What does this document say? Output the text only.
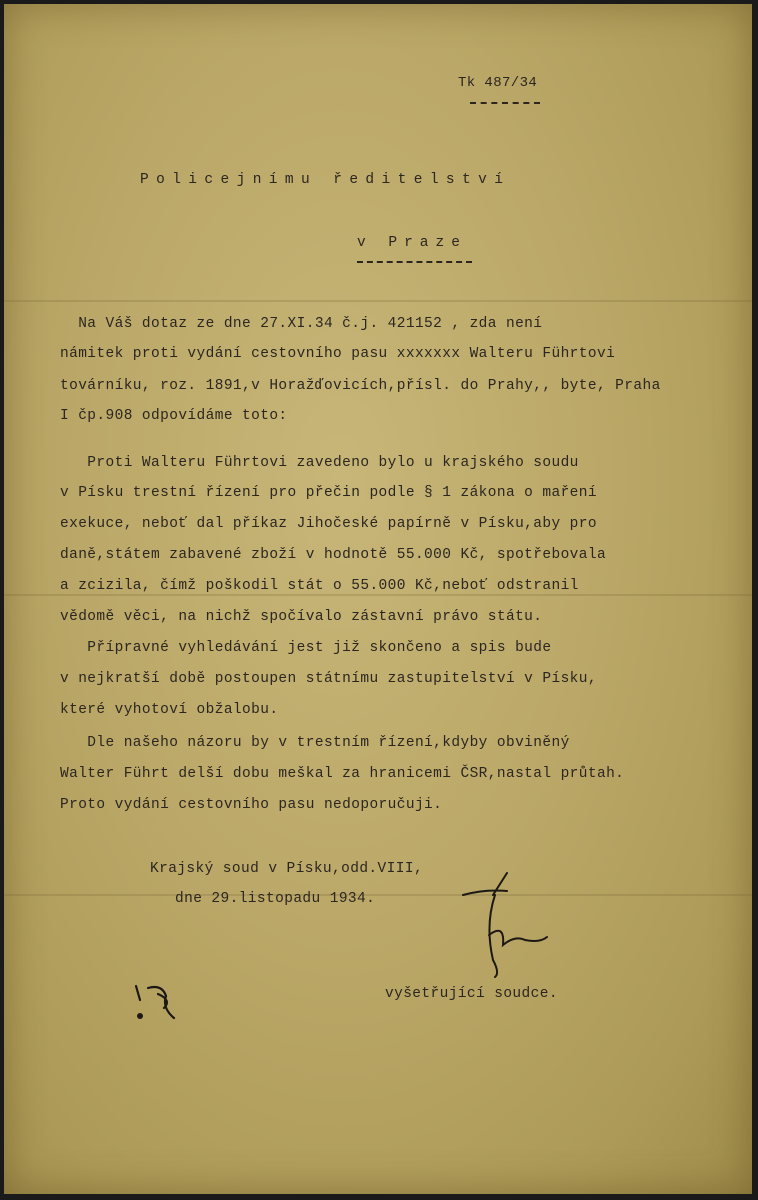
Tk 487/34
Policejnímu ředitelství
v Praze
Na Váš dotaz ze dne 27.XI.34 č.j. 421152 , zda není
námitek proti vydání cestovního pasu xxxxxxx Walteru Führtovi
továrníku, roz. 1891,v Horažďovicích,přísl. do Prahy,, byte, Praha
I čp.908 odpovídáme toto:
Proti Walteru Führtovi zavedeno bylo u krajského soudu
v Písku trestní řízení pro přečin podle § 1 zákona o maření
exekuce, neboť dal příkaz Jihočeské papírně v Písku,aby pro
daně,státem zabavené zboží v hodnotě 55.000 Kč, spotřebovala
a zcizila, čímž poškodil stát o 55.000 Kč,neboť odstranil
vědomě věci, na nichž spočívalo zástavní právo státu.
Přípravné vyhledávání jest již skončeno a spis bude
v nejkratší době postoupen státnímu zastupitelství v Písku,
které vyhotoví obžalobu.
Dle našeho názoru by v trestním řízení,kdyby obviněný
Walter Führt delší dobu meškal za hranicemi ČSR,nastal průtah.
Proto vydání cestovního pasu nedoporučuji.
Krajský soud v Písku,odd.VIII,
dne 29.listopadu 1934.
vyšetřující soudce.
